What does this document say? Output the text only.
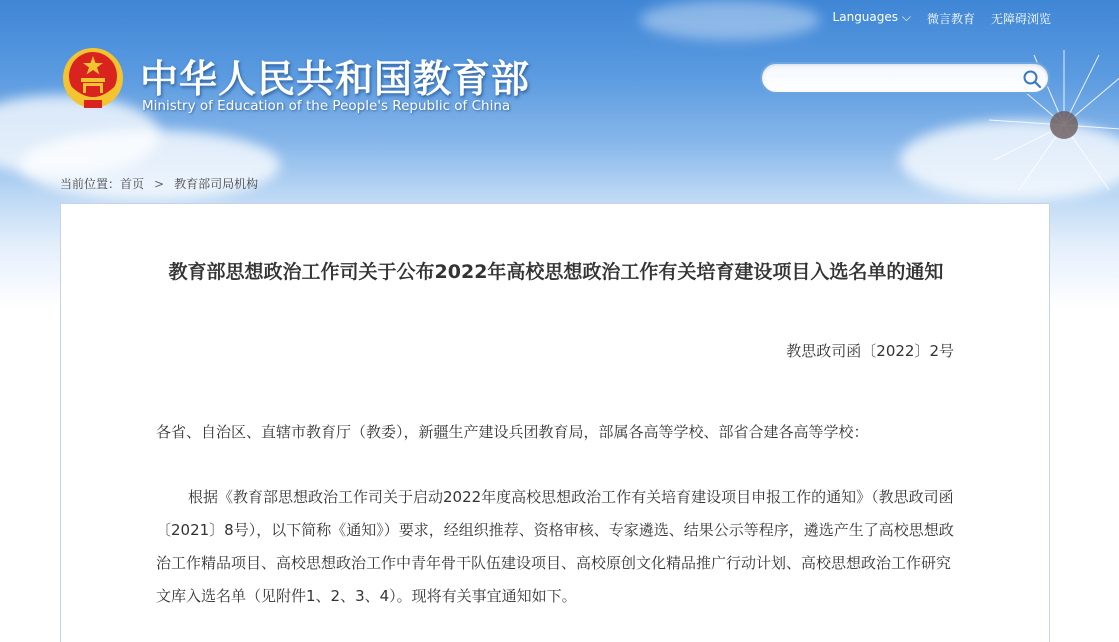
Languages ⌵ 微言教育 无障碍浏览
中华人民共和国教育部
Ministry of Education of the People's Republic of China
当前位置：首页 > 教育部司局机构
教育部思想政治工作司关于公布2022年高校思想政治工作有关培育建设项目入选名单的通知
教思政司函〔2022〕2号
各省、自治区、直辖市教育厅（教委），新疆生产建设兵团教育局，部属各高等学校、部省合建各高等学校：
根据《教育部思想政治工作司关于启动2022年度高校思想政治工作有关培育建设项目申报工作的通知》（教思政司函〔2021〕8号），以下简称《通知》）要求，经组织推荐、资格审核、专家遴选、结果公示等程序，遴选产生了高校思想政治工作精品项目、高校思想政治工作中青年骨干队伍建设项目、高校原创文化精品推广行动计划、高校思想政治工作研究文库入选名单（见附件1、2、3、4）。现将有关事宜通知如下。
